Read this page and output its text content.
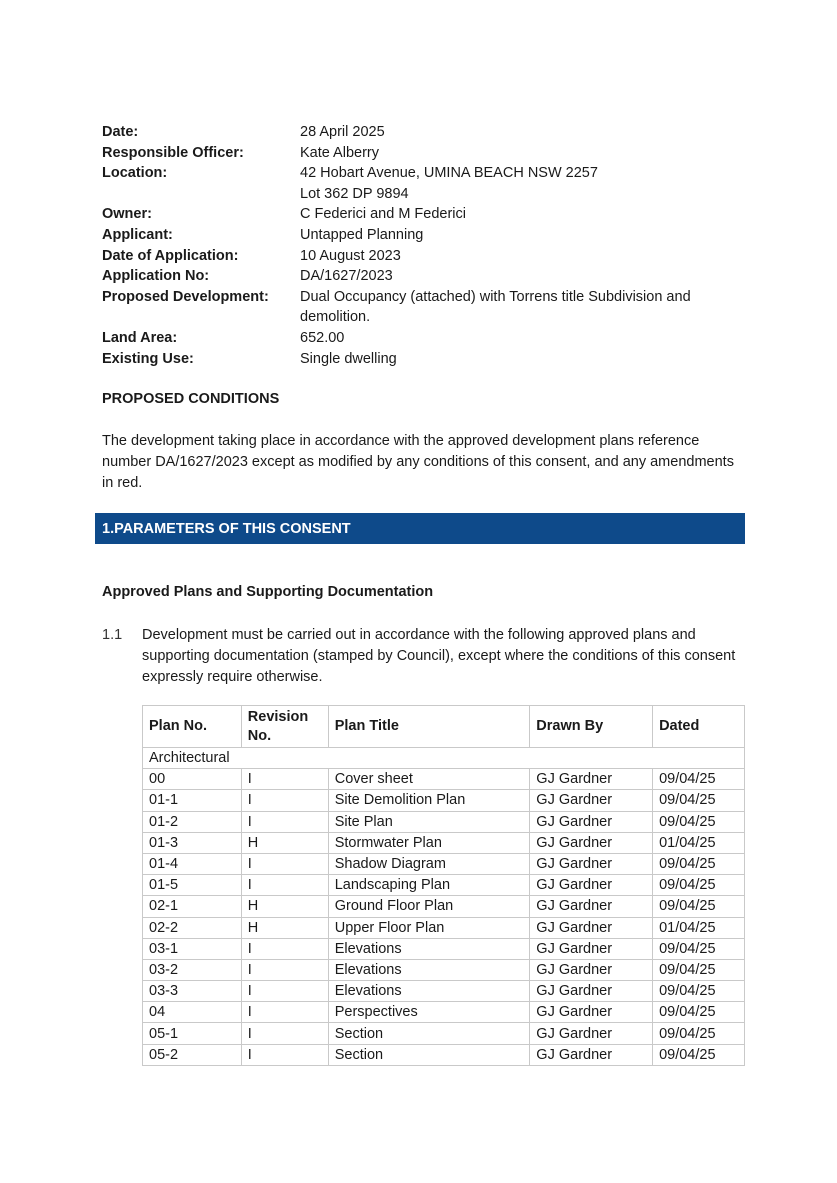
Date:	28 April 2025
Responsible Officer:	Kate Alberry
Location:	42 Hobart Avenue, UMINA BEACH NSW 2257
Lot 362 DP 9894
Owner:	C Federici and M Federici
Applicant:	Untapped Planning
Date of Application:	10 August 2023
Application No:	DA/1627/2023
Proposed Development:	Dual Occupancy (attached) with Torrens title Subdivision and
demolition.
Land Area:	652.00
Existing Use:	Single dwelling
PROPOSED CONDITIONS
The development taking place in accordance with the approved development plans reference number DA/1627/2023 except as modified by any conditions of this consent, and any amendments in red.
1.PARAMETERS OF THIS CONSENT
Approved Plans and Supporting Documentation
1.1	Development must be carried out in accordance with the following approved plans and supporting documentation (stamped by Council), except where the conditions of this consent expressly require otherwise.
Plan No.	Revision No.	Plan Title	Drawn By	Dated
Architectural				
00	I	Cover sheet	GJ Gardner	09/04/25
01-1	I	Site Demolition Plan	GJ Gardner	09/04/25
01-2	I	Site Plan	GJ Gardner	09/04/25
01-3	H	Stormwater Plan	GJ Gardner	01/04/25
01-4	I	Shadow Diagram	GJ Gardner	09/04/25
01-5	I	Landscaping Plan	GJ Gardner	09/04/25
02-1	H	Ground Floor Plan	GJ Gardner	09/04/25
02-2	H	Upper Floor Plan	GJ Gardner	01/04/25
03-1	I	Elevations	GJ Gardner	09/04/25
03-2	I	Elevations	GJ Gardner	09/04/25
03-3	I	Elevations	GJ Gardner	09/04/25
04	I	Perspectives	GJ Gardner	09/04/25
05-1	I	Section	GJ Gardner	09/04/25
05-2	I	Section	GJ Gardner	09/04/25
